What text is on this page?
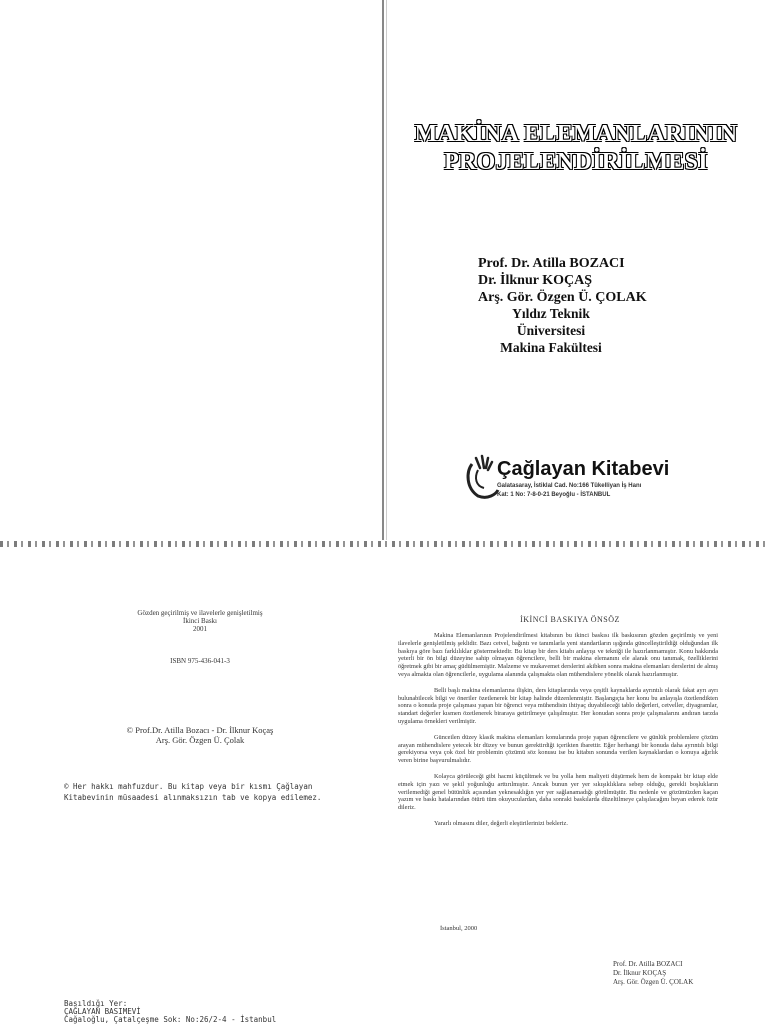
MAKİNA ELEMANLARININ
PROJELENDİRİLMESİ
Prof. Dr. Atilla BOZACI
Dr. İlknur KOÇAŞ
Arş. Gör. Özgen Ü. ÇOLAK
Yıldız Teknik Üniversitesi
Makina Fakültesi
Çağlayan Kitabevi
Galatasaray, İstiklal Cad. No:166 Tükelliyan İş Hanı
Kat: 1 No: 7-8-0-21 Beyoğlu - İSTANBUL
Gözden geçirilmiş ve ilavelerle genişletilmiş
İkinci Baskı
2001
ISBN 975-436-041-3
© Prof.Dr. Atilla Bozacı - Dr. İlknur Koçaş
Arş. Gör. Özgen Ü. Çolak
© Her hakkı mahfuzdur. Bu kitap veya bir kısmı Çağlayan
Kitabevinin müsaadesi alınmaksızın tab ve kopya edilemez.
Basıldığı Yer:
ÇAĞLAYAN BASIMEVİ
Cağaloğlu, Çatalçeşme Sok: No:26/2-4 - İstanbul
İKİNCİ BASKIYA ÖNSÖZ

Makina Elemanlarının Projelendirilmesi kitabının bu ikinci baskısı ilk baskısının gözden geçirilmiş ve yeni ilavelerle genişletilmiş şeklidir. Bazı cetvel, bağıntı ve tanımlarla yeni standartların ışığında güncelleştirildiği olduğundan ilk baskıya göre bazı farklılıklar göstermektedir. Bu kitap bir ders kitabı anlayışı ve tekniği ile hazırlanmamıştır. Konu hakkında yeterli bir ön bilgi düzeyine sahip olmayan öğrencilere, belli bir makina elemanını ele alarak onu tanımak, özelliklerini öğretmek gibi bir amaç güdülmemiştir. Malzeme ve mukavemet derslerini akibken sonra makina elemanları derslerini de almış veya almakta olan öğrencilerle, uygulama alanında çalışmakta olan mühendislere yönelik olarak hazırlanmıştır.

Belli başlı makina elemanlarına ilişkin, ders kitaplarında veya çeşitli kaynaklarda ayrıntılı olarak fakat ayrı ayrı bulunabilecek bilgi ve öneriler özetlenerek bir kitap halinde düzenlenmiştir. Başlangıçta her konu bu anlayışla özetlendikten sonra o konuda proje çalışması yapan bir öğrenci veya mühendisin ihtiyaç duyabileceği tablo değerleri, cetveller, diyagramlar, standart değerler kısmen özetlenerek biraraya getirilmeye çalışılmıştır. Her konudan sonra proje çalışmalarını andıran tarzda uygulama örnekleri verilmiştir.

Günceilen düzey klasik makina elemanları konularında proje yapan öğrencilere ve günlük problemlere çözüm arayan mühendislere yetecek bir düzey ve bunun gerektirdiği içerikten ibarettir. Eğer herhangi bir konuda daha ayrıntılı bilgi gerekiyorsa veya çok özel bir problemin çözümü söz konusu ise bu kitabın sonunda verilen kaynaklardan o konuya ağırlık veren birine başvurulmalıdır.

Kolayca görüleceği gibi hacmi küçültmek ve bu yolla hem maliyeti düşürmek hem de kompakt bir kitap elde etmek için yazı ve şekil yoğunluğu arttırılmıştır. Ancak bunun yer yer sıkışıklıklara sebep olduğu, gerekli boşlukların verilemediği genel bütünlük açısından yeknesaklığın yer yer sağlanamadığı görülmüştür. Bu nedenle ve gözümüzden kaçan yazım ve baskı hatalarından ötürü tüm okuyuculardan, daha sonraki baskılarda düzeltilmeye çalışılacağını beyan ederek özür dileriz.

Yararlı olmasını diler, değerli eleştirilerinizi bekleriz.

İstanbul, 2000
Prof. Dr. Atilla BOZACI
Dr. İlknur KOÇAŞ
Arş. Gör. Özgen Ü. ÇOLAK
